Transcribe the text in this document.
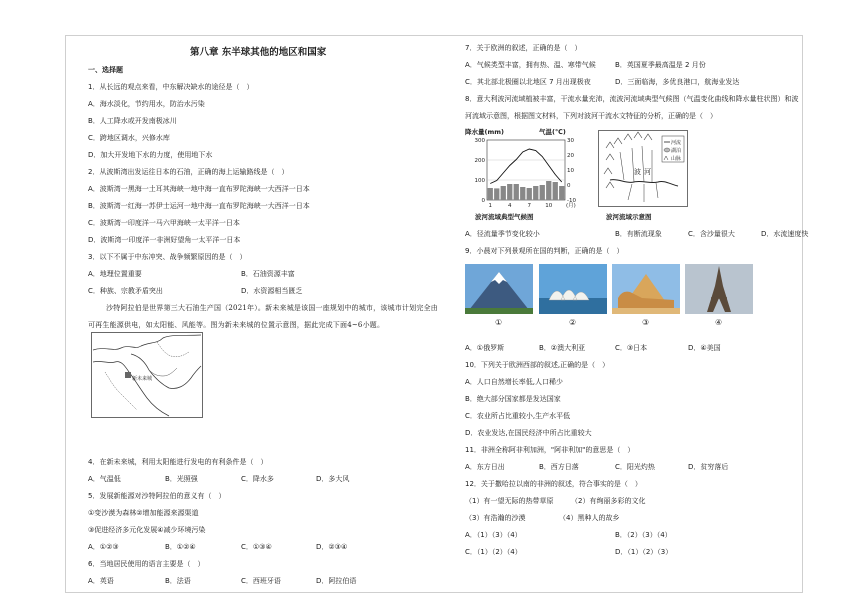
第八章 东半球其他的地区和国家
一、选择题
1．从长远的观点来看，中东解决缺水的途径是（　）
A．海水淡化，节约用水，防治水污染
B．人工降水或开发南极冰川
C．跨地区调水，兴修水库
D．加大开发地下水的力度，使用地下水
2．从波斯湾出发运往日本的石油，正确的海上运输路线是（　）
A．波斯湾一黑海一土耳其海峡一地中海一直布罗陀海峡一大西洋一日本
B．波斯湾一红海一苏伊士运河一地中海一直布罗陀海峡一大西洋一日本
C．波斯湾一印度洋一马六甲海峡一太平洋一日本
D．波斯湾一印度洋一非洲好望角一太平洋一日本
3．以下不属于中东冲突、战争频繁原因的是（　）
A．地理位置重要	B．石油资源丰富
C．种族、宗教矛盾突出	D．水资源相当匮乏
沙特阿拉伯是世界第三大石油生产国（2021年）。新未来城是该国一座规划中的城市，该城市计划完全由
可再生能源供电，如太阳能、风能等。图为新未来城的位置示意图，据此完成下面4~6小题。
新未来城
4．在新未来城，利用太阳能进行发电的有利条件是（　）
A．气温低	B．光照强	C．降水多	D．多大风
5．发展新能源对沙特阿拉伯的意义有（　）
①变沙漠为森林②增加能源来源渠道
③促进经济多元化发展④减少环境污染
A．①②③	B．①②④	C．①③④	D．②③④
6．当地居民使用的语言主要是（　）
A．英语	B．法语	C．西班牙语	D．阿拉伯语
7．关于欧洲的叙述，正确的是（　）
A．气候类型丰富，拥有热、温、寒带气候	B．英国夏季最高温是 2 月份
C．其北部北极圈以北地区 7 月出现极夜	D．三面临海，多优良港口，航海业发达
8．意大利波河流域植被丰富，干流水量充沛，流波河流域典型气候图（气温变化曲线和降水量柱状图）和波
河流域示意图，根据图文材料，下列对波河干流水文特征的分析，正确的是（　）
降水量(mm)	气温(℃)
300
200
100
0
30
20
10
0
-10
1	4	7	10	(月)
波河流域典型气候图
波 河
河流
湖泊
山脉
波河流域示意图
A．径流量季节变化较小	B．有断流现象	C．含沙量很大	D．水流速度快
9．小晨对下列景观所在国的判断，正确的是（　）
①	②	③	④
A．①俄罗斯	B．②澳大利亚	C．③日本	D．④美国
10．下列关于欧洲西部的叙述,正确的是（　）
A．人口自然增长率低,人口稀少
B．绝大部分国家都是发达国家
C．农业所占比重较小,生产水平低
D．农业发达,在国民经济中所占比重较大
11．非洲全称阿非利加洲，"阿非利加"的意思是（　）
A．东方日出	B．西方日落	C．阳光灼热	D．贫穷落后
12．关于撒哈拉以南的非洲的叙述，符合事实的是（　）
（1）有一望无际的热带草原	（2）有绚丽多彩的文化
（3）有浩瀚的沙漠	（4）黑种人的故乡
A．（1）（3）（4）	B．（2）（3）（4）
C．（1）（2）（4）	D．（1）（2）（3）
